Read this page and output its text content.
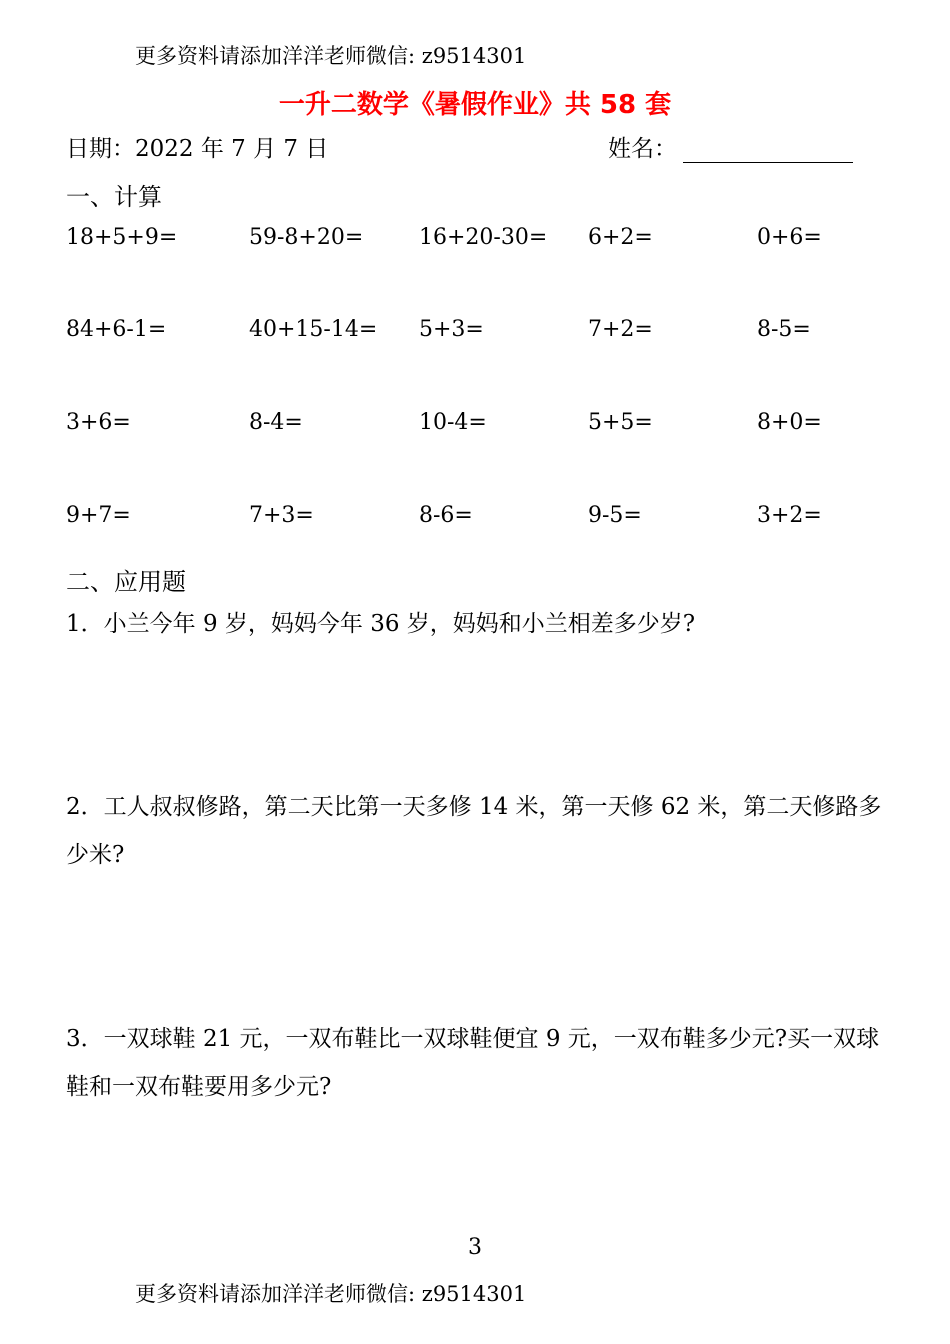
更多资料请添加洋洋老师微信: z9514301
一升二数学《暑假作业》共 58 套
日期：2022 年 7 月 7 日	姓名：
一、计算
18+5+9=	59-8+20=	16+20-30= 6+2=	0+6=
84+6-1=	40+15-14= 5+3=	7+2=	8-5=
3+6=	8-4=	10-4=	5+5=	8+0=
9+7=	7+3=	8-6=	9-5=	3+2=
二、应用题
1．小兰今年 9 岁，妈妈今年 36 岁，妈妈和小兰相差多少岁?
2．工人叔叔修路，第二天比第一天多修 14 米，第一天修 62 米，第二天修路多少米?
3．一双球鞋 21 元，一双布鞋比一双球鞋便宜 9 元，一双布鞋多少元?买一双球鞋和一双布鞋要用多少元?
3
更多资料请添加洋洋老师微信: z9514301
